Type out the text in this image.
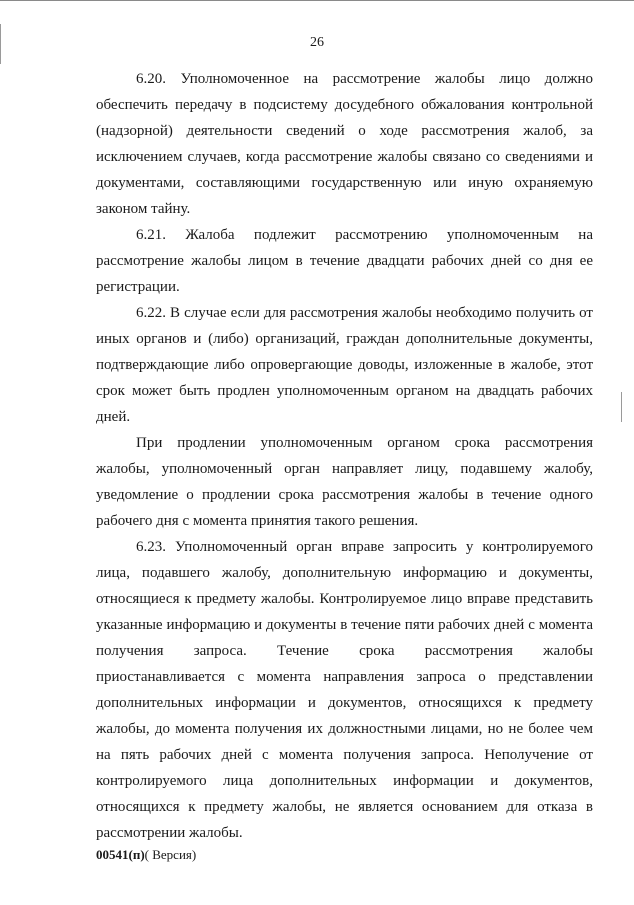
26

6.20. Уполномоченное на рассмотрение жалобы лицо должно обеспечить передачу в подсистему досудебного обжалования контрольной (надзорной) деятельности сведений о ходе рассмотрения жалоб, за исключением случаев, когда рассмотрение жалобы связано со сведениями и документами, составляющими государственную или иную охраняемую законом тайну.

6.21. Жалоба подлежит рассмотрению уполномоченным на рассмотрение жалобы лицом в течение двадцати рабочих дней со дня ее регистрации.

6.22. В случае если для рассмотрения жалобы необходимо получить от иных органов и (либо) организаций, граждан дополнительные документы, подтверждающие либо опровергающие доводы, изложенные в жалобе, этот срок может быть продлен уполномоченным органом на двадцать рабочих дней.

При продлении уполномоченным органом срока рассмотрения жалобы, уполномоченный орган направляет лицу, подавшему жалобу, уведомление о продлении срока рассмотрения жалобы в течение одного рабочего дня с момента принятия такого решения.

6.23. Уполномоченный орган вправе запросить у контролируемого лица, подавшего жалобу, дополнительную информацию и документы, относящиеся к предмету жалобы. Контролируемое лицо вправе представить указанные информацию и документы в течение пяти рабочих дней с момента получения запроса. Течение срока рассмотрения жалобы приостанавливается с момента направления запроса о представлении дополнительных информации и документов, относящихся к предмету жалобы, до момента получения их должностными лицами, но не более чем на пять рабочих дней с момента получения запроса. Неполучение от контролируемого лица дополнительных информации и документов, относящихся к предмету жалобы, не является основанием для отказа в рассмотрении жалобы.

00541(п)( Версия)
